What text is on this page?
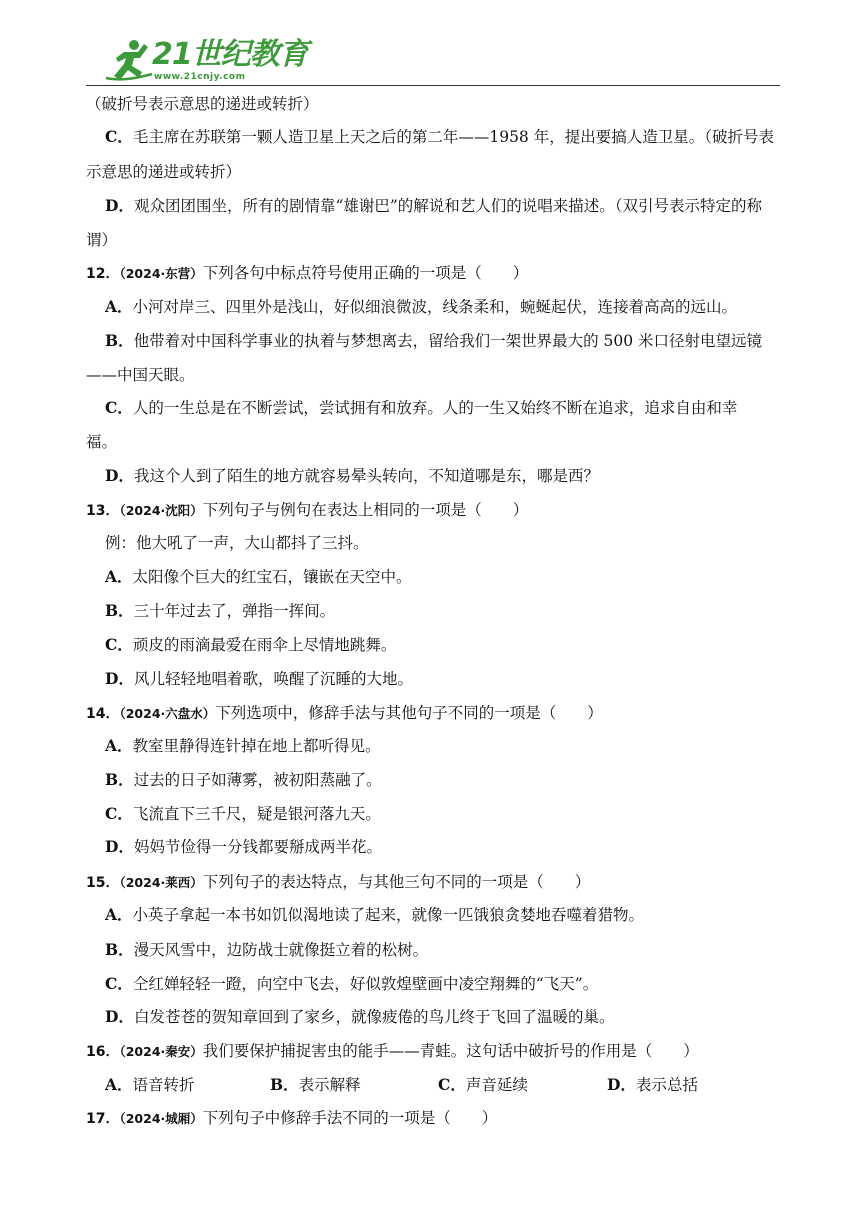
21世纪教育
www.21cnjy.com
（破折号表示意思的递进或转折）
C．毛主席在苏联第一颗人造卫星上天之后的第二年——1958 年，提出要搞人造卫星。（破折号表
示意思的递进或转折）
D．观众团团围坐，所有的剧情靠“雄谢巴”的解说和艺人们的说唱来描述。（双引号表示特定的称
谓）
12．（2024·东营）下列各句中标点符号使用正确的一项是（　　）
A．小河对岸三、四里外是浅山，好似细浪微波，线条柔和，蜿蜒起伏，连接着高高的远山。
B．他带着对中国科学事业的执着与梦想离去，留给我们一架世界最大的 500 米口径射电望远镜
——中国天眼。
C．人的一生总是在不断尝试，尝试拥有和放弃。人的一生又始终不断在追求，追求自由和幸
福。
D．我这个人到了陌生的地方就容易晕头转向，不知道哪是东，哪是西？
13．（2024·沈阳）下列句子与例句在表达上相同的一项是（　　）
例：他大吼了一声，大山都抖了三抖。
A．太阳像个巨大的红宝石，镶嵌在天空中。
B．三十年过去了，弹指一挥间。
C．顽皮的雨滴最爱在雨伞上尽情地跳舞。
D．风儿轻轻地唱着歌，唤醒了沉睡的大地。
14．（2024·六盘水）下列选项中，修辞手法与其他句子不同的一项是（　　）
A．教室里静得连针掉在地上都听得见。
B．过去的日子如薄雾，被初阳蒸融了。
C．飞流直下三千尺，疑是银河落九天。
D．妈妈节俭得一分钱都要掰成两半花。
15．（2024·莱西）下列句子的表达特点，与其他三句不同的一项是（　　）
A．小英子拿起一本书如饥似渴地读了起来，就像一匹饿狼贪婪地吞噬着猎物。
B．漫天风雪中，边防战士就像挺立着的松树。
C．仝红婵轻轻一蹬，向空中飞去，好似敦煌壁画中凌空翔舞的“飞天”。
D．白发苍苍的贺知章回到了家乡，就像疲倦的鸟儿终于飞回了温暖的巢。
16．（2024·秦安）我们要保护捕捉害虫的能手——青蛙。这句话中破折号的作用是（　　）
A．语音转折	B．表示解释	C．声音延续	D．表示总括
17．（2024·城厢）下列句子中修辞手法不同的一项是（　　）
